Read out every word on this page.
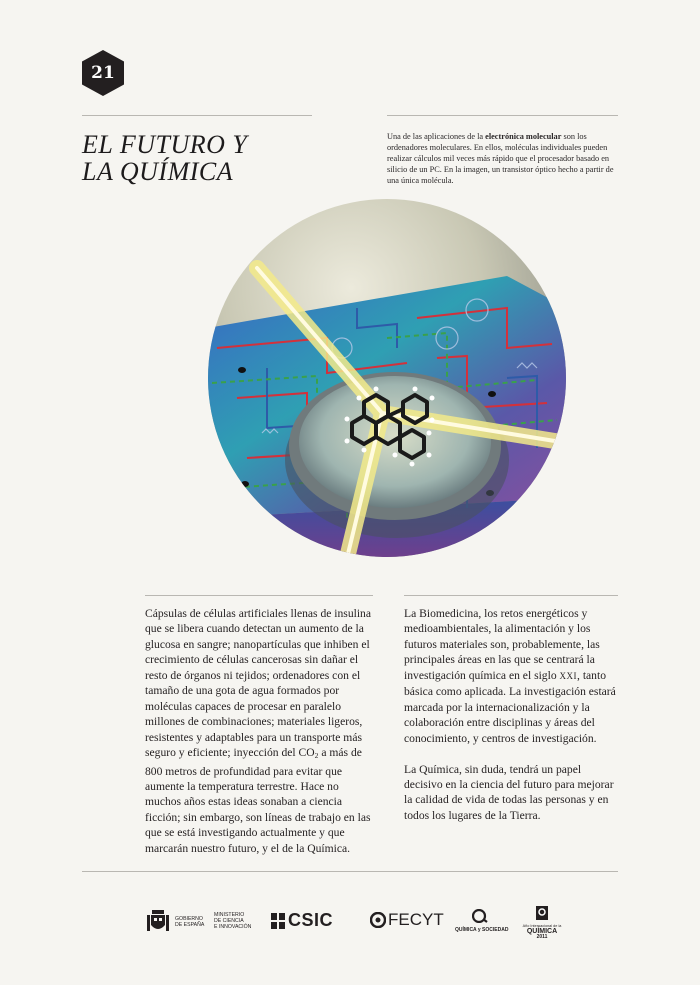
21
EL FUTURO Y
LA QUÍMICA
Una de las aplicaciones de la electrónica molecular son los ordenadores moleculares. En ellos, moléculas individuales pueden realizar cálculos mil veces más rápido que el procesador basado en silicio de un PC. En la imagen, un transistor óptico hecho a partir de una única molécula.

Cápsulas de células artificiales llenas de insulina que se libera cuando detectan un aumento de la glucosa en sangre; nanopartículas que inhiben el crecimiento de células cancerosas sin dañar el resto de órganos ni tejidos; ordenadores con el tamaño de una gota de agua formados por moléculas capaces de procesar en paralelo millones de combinaciones; materiales ligeros, resistentes y adaptables para un transporte más seguro y eficiente; inyección del $CO_2$ a más de 800 metros de profundidad para evitar que aumente la temperatura terrestre. Hace no muchos años estas ideas sonaban a ciencia ficción; sin embargo, son líneas de trabajo en las que se está investigando actualmente y que marcarán nuestro futuro, y el de la Química.

La Biomedicina, los retos energéticos y medioambientales, la alimentación y los futuros materiales son, probablemente, las principales áreas en las que se centrará la investigación química en el siglo XXI, tanto básica como aplicada. La investigación estará marcada por la internacionalización y la colaboración entre disciplinas y áreas del conocimiento, y centros de investigación.

La Química, sin duda, tendrá un papel decisivo en la ciencia del futuro para mejorar la calidad de vida de todas las personas y en todos los lugares de la Tierra.

GOBIERNO
DE ESPAÑA
MINISTERIO
DE CIENCIA
E INNOVACIÓN CSIC	FECYT
QUÍMICA y SOCIEDAD
Año Internacional de la
QUÍMICA
2011
